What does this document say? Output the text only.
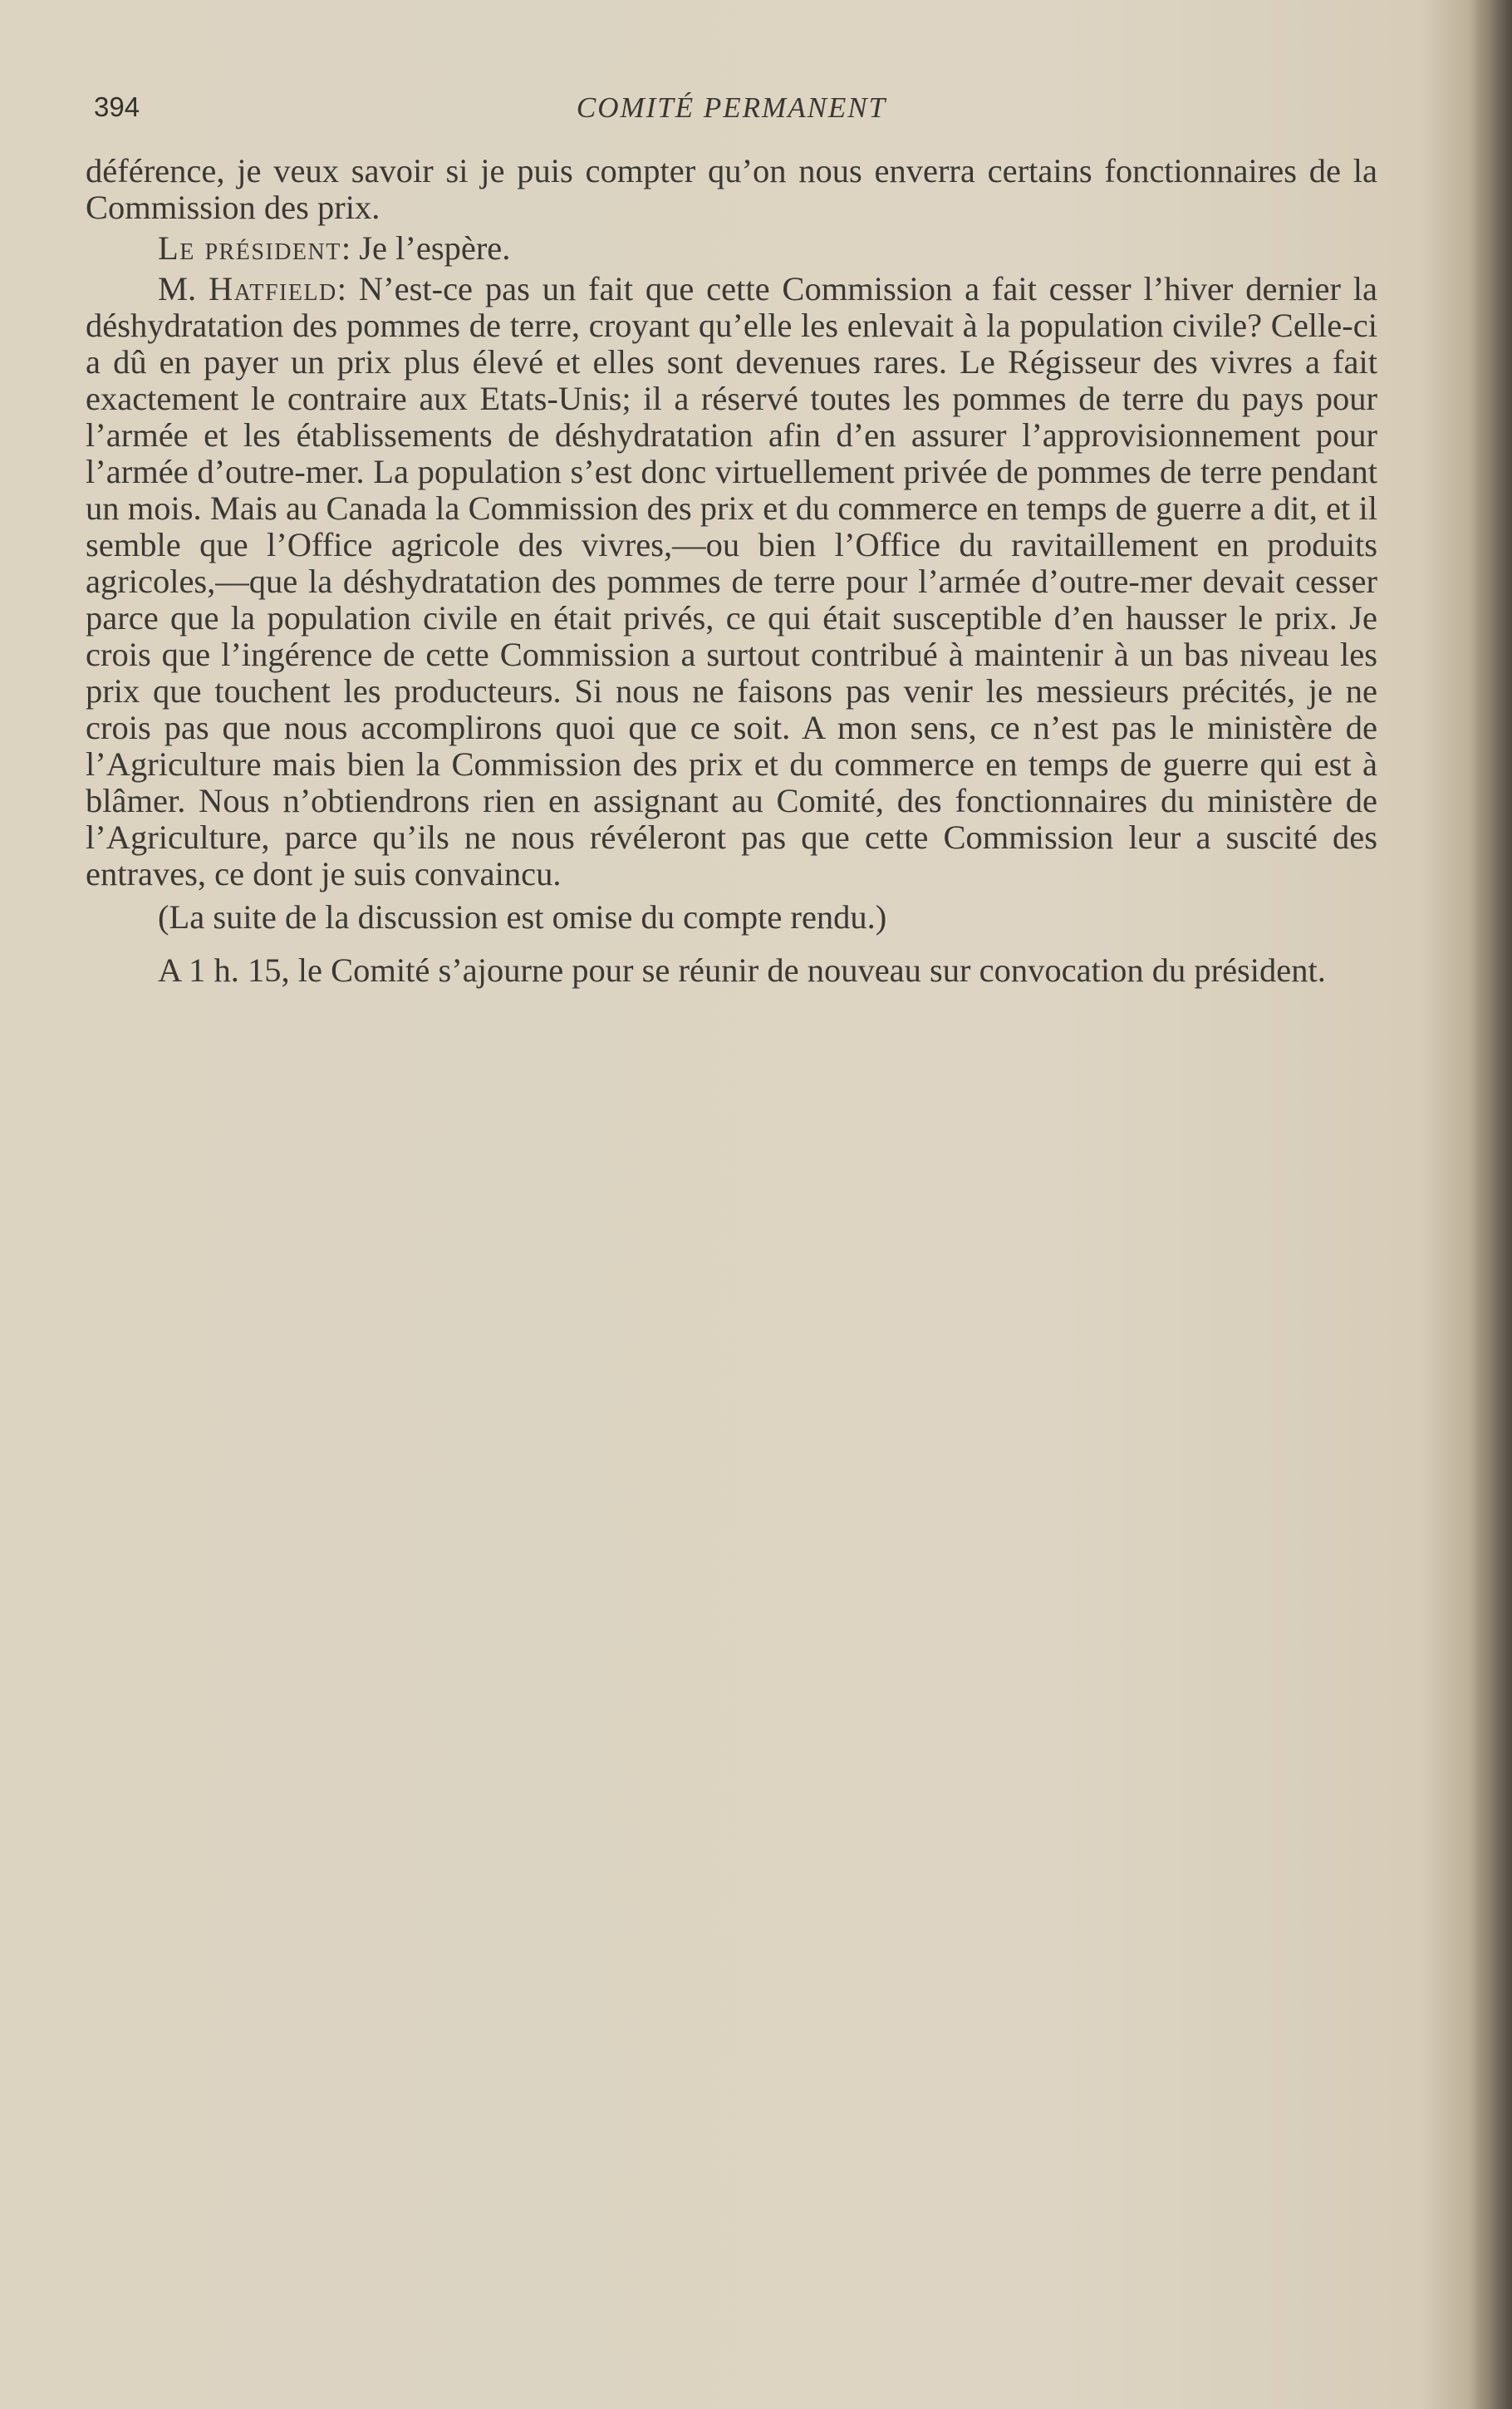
394	COMITÉ PERMANENT

déférence, je veux savoir si je puis compter qu’on nous enverra certains fonctionnaires de la Commission des prix.

Le président: Je l’espère.

M. Hatfield: N’est-ce pas un fait que cette Commission a fait cesser l’hiver dernier la déshydratation des pommes de terre, croyant qu’elle les enlevait à la population civile? Celle-ci a dû en payer un prix plus élevé et elles sont devenues rares. Le Régisseur des vivres a fait exactement le contraire aux Etats-Unis; il a réservé toutes les pommes de terre du pays pour l’armée et les établissements de déshydratation afin d’en assurer l’approvisionnement pour l’armée d’outre-mer. La population s’est donc virtuellement privée de pommes de terre pendant un mois. Mais au Canada la Commission des prix et du commerce en temps de guerre a dit, et il semble que l’Office agricole des vivres,—ou bien l’Office du ravitaillement en produits agricoles,—que la déshydratation des pommes de terre pour l’armée d’outre-mer devait cesser parce que la population civile en était privés, ce qui était susceptible d’en hausser le prix. Je crois que l’ingérence de cette Commission a surtout contribué à maintenir à un bas niveau les prix que touchent les producteurs. Si nous ne faisons pas venir les messieurs précités, je ne crois pas que nous accomplirons quoi que ce soit. A mon sens, ce n’est pas le ministère de l’Agriculture mais bien la Commission des prix et du commerce en temps de guerre qui est à blâmer. Nous n’obtiendrons rien en assignant au Comité, des fonctionnaires du ministère de l’Agriculture, parce qu’ils ne nous révéleront pas que cette Commission leur a suscité des entraves, ce dont je suis convaincu.

(La suite de la discussion est omise du compte rendu.)

A 1 h. 15, le Comité s’ajourne pour se réunir de nouveau sur convocation du président.
